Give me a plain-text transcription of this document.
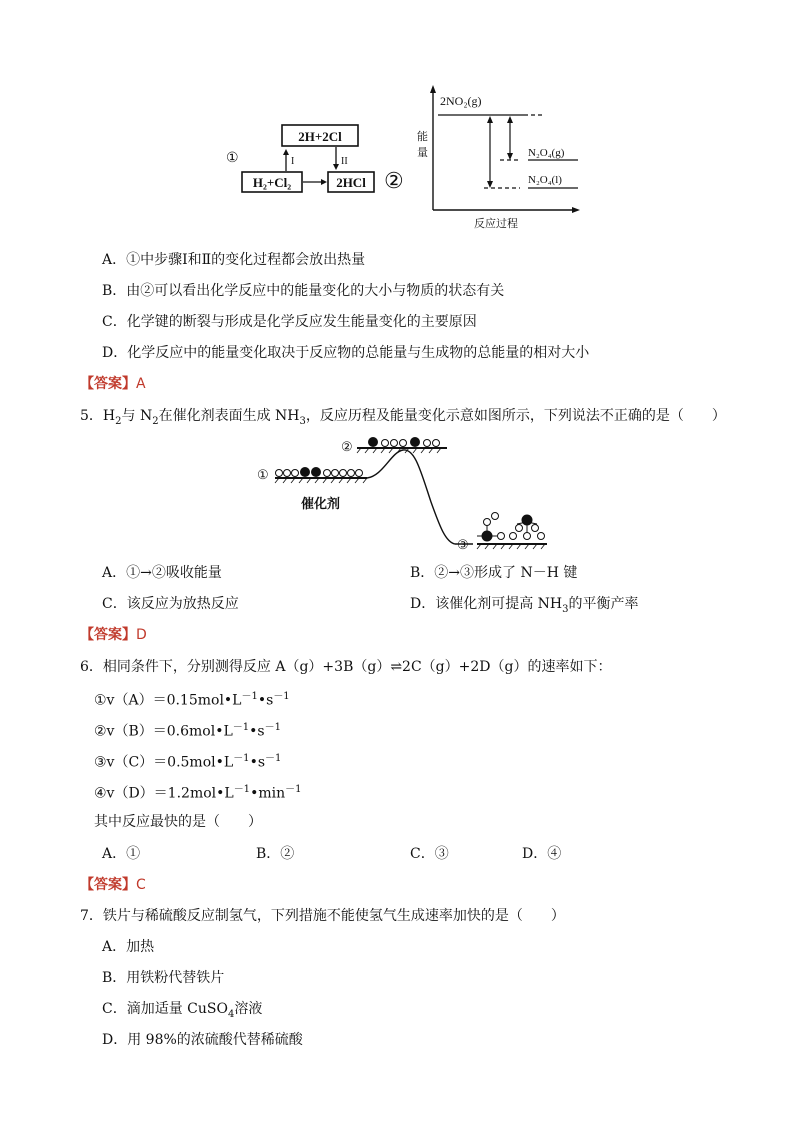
2H+2Cl
H₂+Cl₂	2HCl
I	II
①
②
能
量
反应过程
2NO₂(g)
N₂O₄(g)
N₂O₄(l)
A．①中步骤Ⅰ和Ⅱ的变化过程都会放出热量
B．由②可以看出化学反应中的能量变化的大小与物质的状态有关
C．化学键的断裂与形成是化学反应发生能量变化的主要原因
D．化学反应中的能量变化取决于反应物的总能量与生成物的总能量的相对大小
【答案】A
5．$H_2$与 $N_2$在催化剂表面生成 $NH_3$，反应历程及能量变化示意如图所示，下列说法不正确的是（　　）
①
②
③
催化剂
A．①→②吸收能量	B．②→③形成了 N－H 键
C．该反应为放热反应	D．该催化剂可提高 $NH_3$的平衡产率
【答案】D
6．相同条件下，分别测得反应 A（g）+3B（g）⇌2C（g）+2D（g）的速率如下：
$①v(A)=0.15mol•L^{-1}•s^{-1}$
$②v(B)=0.6mol•L^{-1}•s^{-1}$
$③v(C)=0.5mol•L^{-1}•s^{-1}$
$④v(D)=1.2mol•L^{-1}•\min^{-1}$
其中反应最快的是（　　）
A．①	B．②	C．③	D．④
【答案】C
7．铁片与稀硫酸反应制氢气，下列措施不能使氢气生成速率加快的是（　　）
A．加热
B．用铁粉代替铁片
C．滴加适量 CuSO$_4$溶液
D．用 98%的浓硫酸代替稀硫酸
